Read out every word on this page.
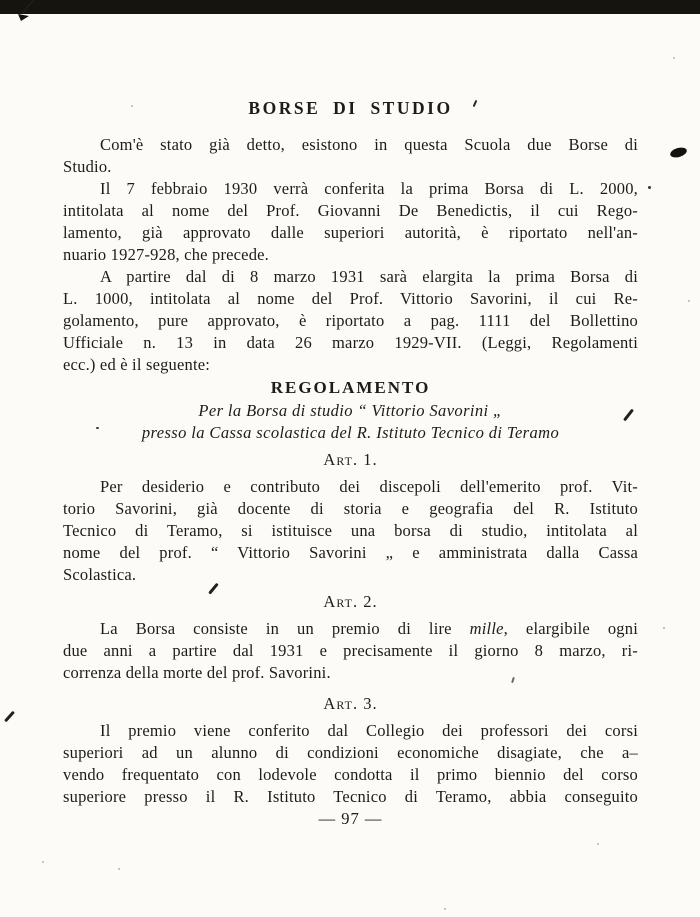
BORSE DI STUDIO
Com'è stato già detto, esistono in questa Scuola due Borse di
Studio.
Il 7 febbraio 1930 verrà conferita la prima Borsa di L. 2000,
intitolata al nome del Prof. Giovanni De Benedictis, il cui Rego-
lamento, già approvato dalle superiori autorità, è riportato nell'an-
nuario 1927-928, che precede.
A partire dal di 8 marzo 1931 sarà elargita la prima Borsa di
L. 1000, intitolata al nome del Prof. Vittorio Savorini, il cui Re-
golamento, pure approvato, è riportato a pag. 1111 del Bollettino
Ufficiale n. 13 in data 26 marzo 1929-VII. (Leggi, Regolamenti
ecc.) ed è il seguente:
REGOLAMENTO
Per la Borsa di studio “ Vittorio Savorini „
presso la Cassa scolastica del R. Istituto Tecnico di Teramo
Art. 1.
Per desiderio e contributo dei discepoli dell'emerito prof. Vit-
torio Savorini, già docente di storia e geografia del R. Istituto
Tecnico di Teramo, si istituisce una borsa di studio, intitolata al
nome del prof. “ Vittorio Savorini „ e amministrata dalla Cassa
Scolastica.
Art. 2.
La Borsa consiste in un premio di lire mille, elargibile ogni
due anni a partire dal 1931 e precisamente il giorno 8 marzo, ri-
correnza della morte del prof. Savorini.
Art. 3.
Il premio viene conferito dal Collegio dei professori dei corsi
superiori ad un alunno di condizioni economiche disagiate, che a–
vendo frequentato con lodevole condotta il primo biennio del corso
superiore presso il R. Istituto Tecnico di Teramo, abbia conseguito
— 97 —
